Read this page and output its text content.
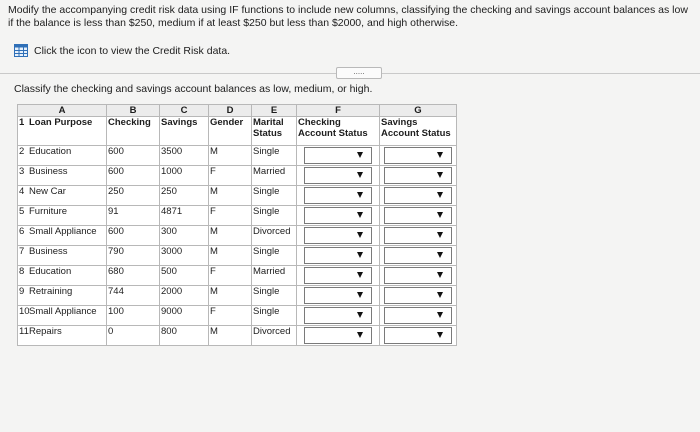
Modify the accompanying credit risk data using IF functions to include new columns, classifying the checking and savings account balances as low if the balance is less than $250, medium if at least $250 but less than $2000, and high otherwise.
Click the icon to view the Credit Risk data.
.....
Classify the checking and savings account balances as low, medium, or high.
A	B	C	D	E	F	G
1 Loan Purpose	Checking	Savings	Gender	Marital Status	Checking Account Status	Savings Account Status
2 Education	600	3500	M	Single	

3 Business	600	1000	F	Married	

4 New Car	250	250	M	Single	

5 Furniture	91	4871	F	Single	

6 Small Appliance	600	300	M	Divorced	

7 Business	790	3000	M	Single	

8 Education	680	500	F	Married	

9 Retraining	744	2000	M	Single	

10Small Appliance	100	9000	F	Single	

11Repairs	0	800	M	Divorced	
